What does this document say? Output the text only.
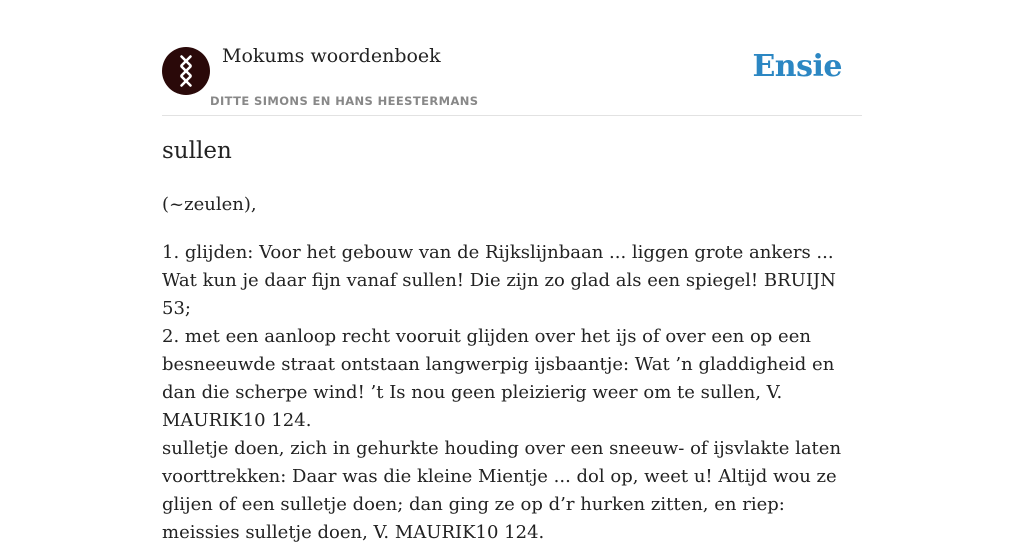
Mokums woordenboek
DITTE SIMONS EN HANS HEESTERMANS
Ensie
sullen

(~zeulen),

1. glijden: Voor het gebouw van de Rijkslijnbaan ... liggen grote ankers ... Wat kun je daar fijn vanaf sullen! Die zijn zo glad als een spiegel! BRUIJN 53;
2. met een aanloop recht vooruit glijden over het ijs of over een op een besneeuwde straat ontstaan langwerpig ijsbaantje: Wat ’n gladdigheid en dan die scherpe wind! ’t Is nou geen pleizierig weer om te sullen, V. MAURIK10 124.
sulletje doen, zich in gehurkte houding over een sneeuw- of ijsvlakte laten voorttrekken: Daar was die kleine Mientje ... dol op, weet u! Altijd wou ze glijen of een sulletje doen; dan ging ze op d’r hurken zitten, en riep: meissies sulletje doen, V. MAURIK10 124.
